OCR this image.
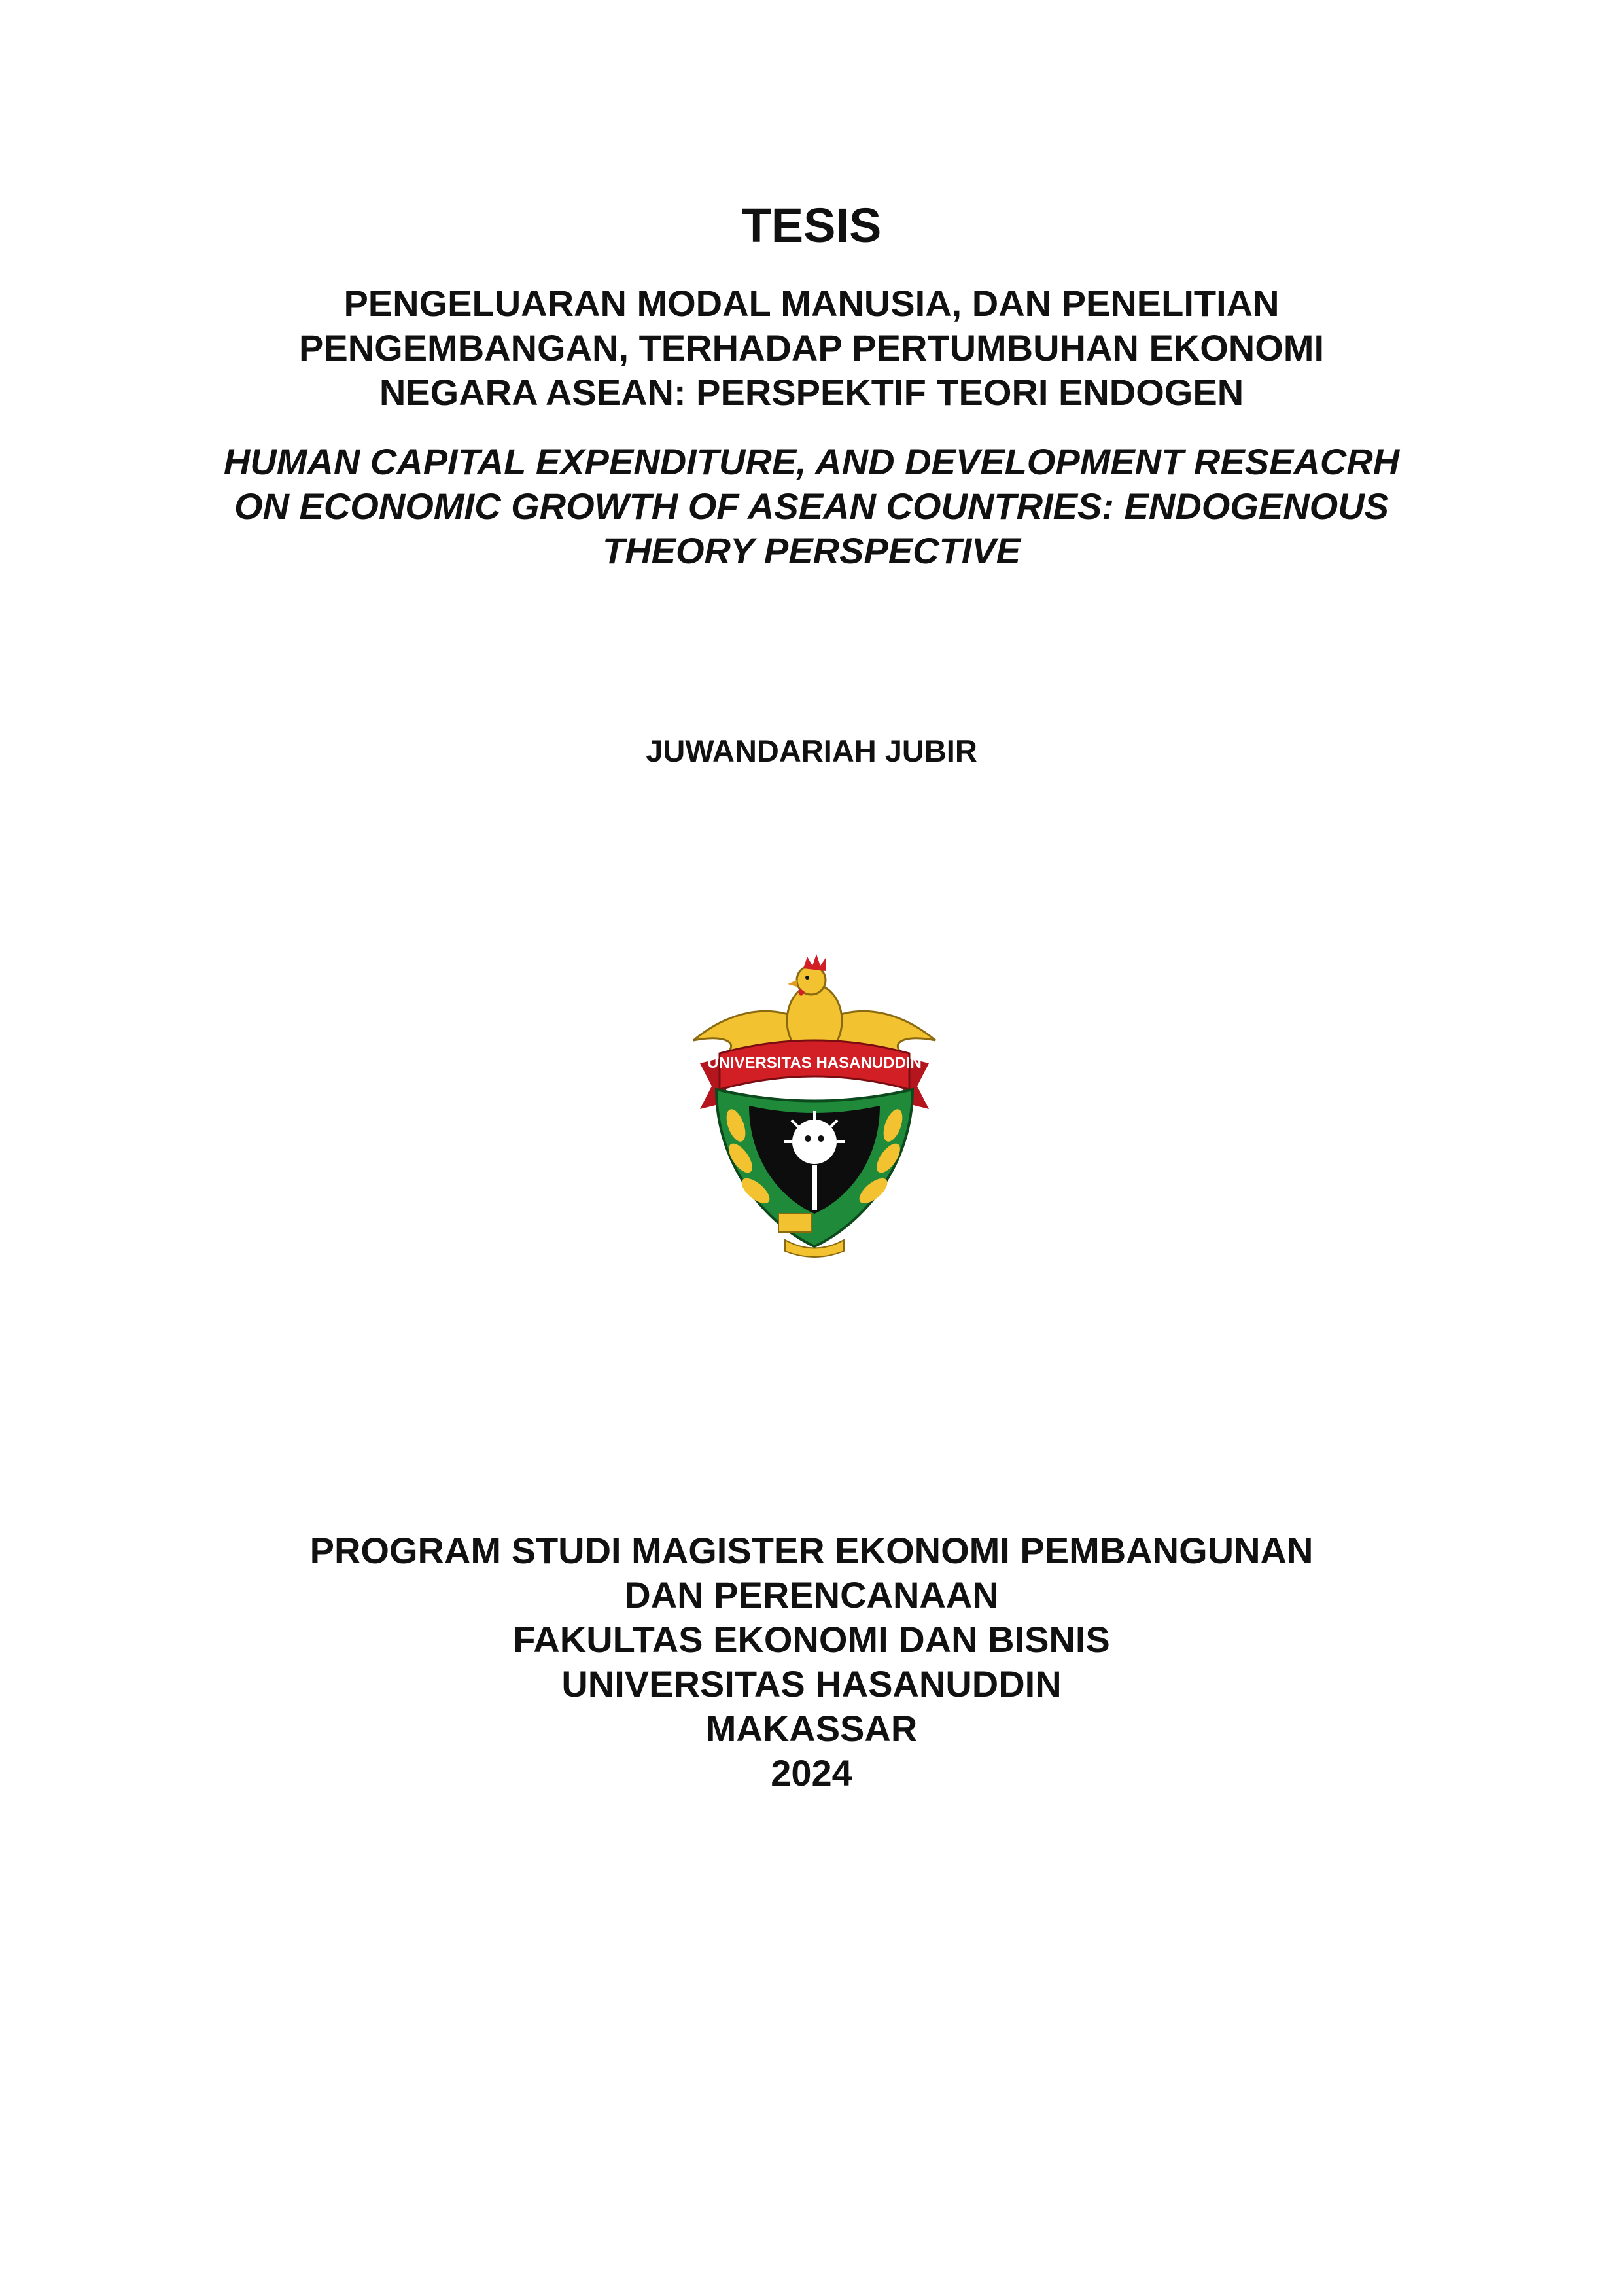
TESIS
PENGELUARAN MODAL MANUSIA, DAN PENELITIAN
PENGEMBANGAN, TERHADAP PERTUMBUHAN EKONOMI
NEGARA ASEAN: PERSPEKTIF TEORI ENDOGEN
HUMAN CAPITAL EXPENDITURE, AND DEVELOPMENT RESEACRH
ON ECONOMIC GROWTH OF ASEAN COUNTRIES: ENDOGENOUS
THEORY PERSPECTIVE
JUWANDARIAH JUBIR
UNIVERSITAS HASANUDDIN
PROGRAM STUDI MAGISTER EKONOMI PEMBANGUNAN
DAN PERENCANAAN
FAKULTAS EKONOMI DAN BISNIS
UNIVERSITAS HASANUDDIN
MAKASSAR
2024
